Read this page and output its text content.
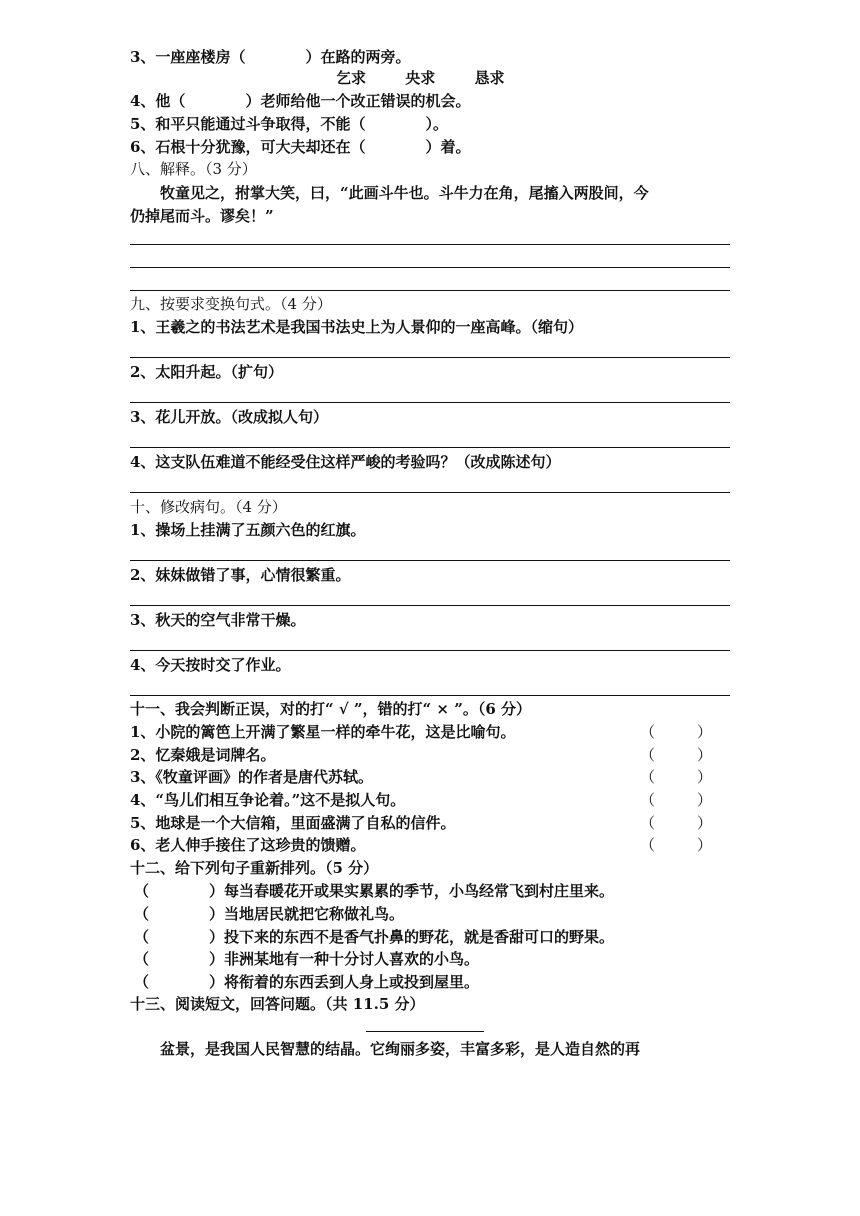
3、一座座楼房（　　　　）在路的两旁。
乞求	央求	恳求
4、他（　　　　）老师给他一个改正错误的机会。
5、和平只能通过斗争取得，不能（　　　　）。
6、石根十分犹豫，可大夫却还在（　　　　）着。
八、解释。（3 分）
　　牧童见之，拊掌大笑，曰，“此画斗牛也。斗牛力在角，尾搐入两股间，今
仍掉尾而斗。谬矣！”
九、按要求变换句式。（4 分）
1、王羲之的书法艺术是我国书法史上为人景仰的一座高峰。（缩句）
2、太阳升起。（扩句）
3、花儿开放。（改成拟人句）
4、这支队伍难道不能经受住这样严峻的考验吗？（改成陈述句）
十、修改病句。（4 分）
1、操场上挂满了五颜六色的红旗。
2、妹妹做错了事，心情很繁重。
3、秋天的空气非常干燥。
4、今天按时交了作业。
十一、我会判断正误，对的打“ √ ”，错的打“ × ”。（6 分）
1、小院的篱笆上开满了繁星一样的牵牛花，这是比喻句。	（	）
2、忆秦娥是词牌名。	（	）
3、《牧童评画》的作者是唐代苏轼。	（	）
4、“鸟儿们相互争论着。”这不是拟人句。	（	）
5、地球是一个大信箱，里面盛满了自私的信件。	（	）
6、老人伸手接住了这珍贵的馈赠。	（	）
十二、给下列句子重新排列。（5 分）
（　　　　）每当春暖花开或果实累累的季节，小鸟经常飞到村庄里来。
（　　　　）当地居民就把它称做礼鸟。
（　　　　）投下来的东西不是香气扑鼻的野花，就是香甜可口的野果。
（　　　　）非洲某地有一种十分讨人喜欢的小鸟。
（　　　　）将衔着的东西丢到人身上或投到屋里。
十三、阅读短文，回答问题。（共 11.5 分）
　　盆景，是我国人民智慧的结晶。它绚丽多姿，丰富多彩，是人造自然的再
